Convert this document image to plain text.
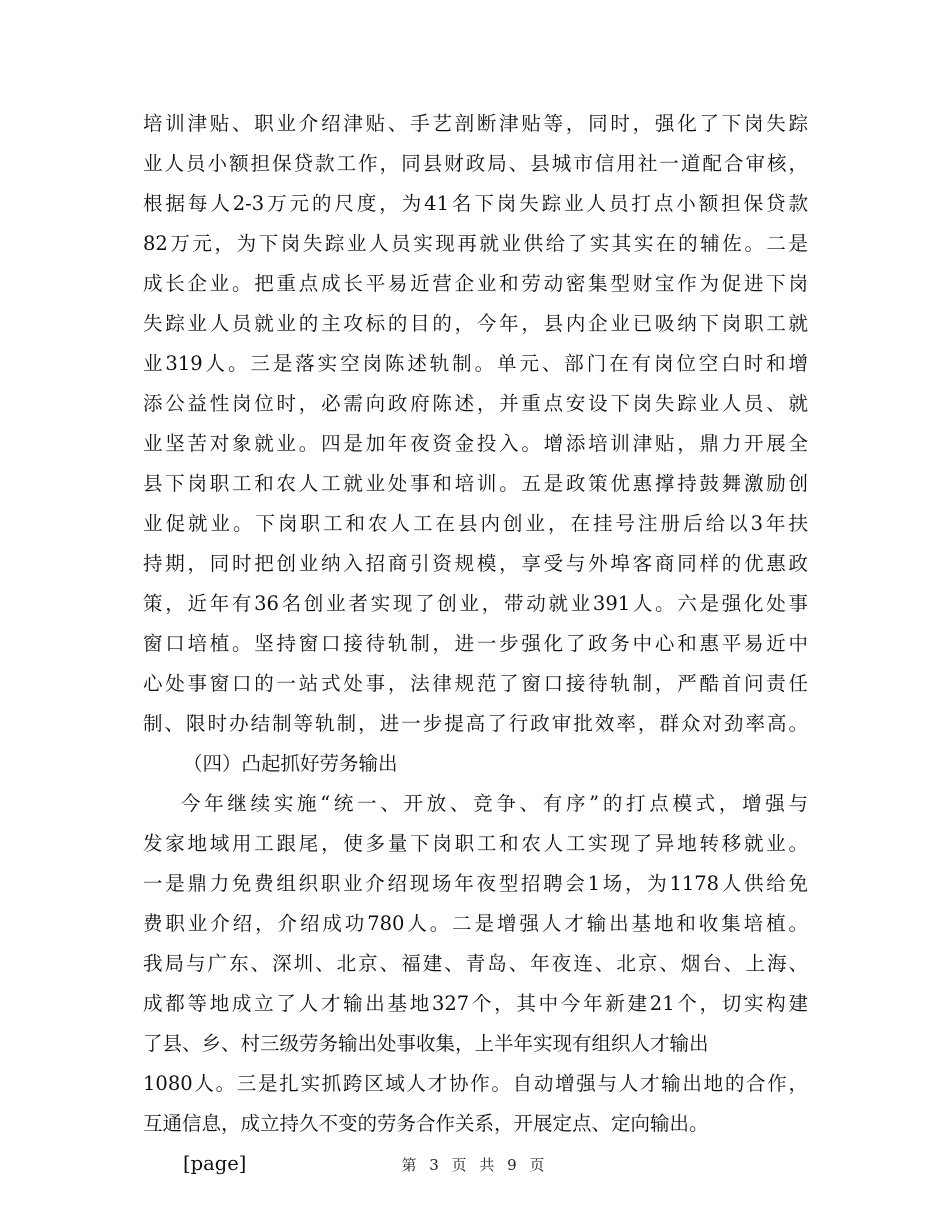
培训津贴、职业介绍津贴、手艺剖断津贴等，同时，强化了下岗失踪
业人员小额担保贷款工作，同县财政局、县城市信用社一道配合审核，
根据每人2-3万元的尺度，为41名下岗失踪业人员打点小额担保贷款
82万元，为下岗失踪业人员实现再就业供给了实其实在的辅佐。二是
成长企业。把重点成长平易近营企业和劳动密集型财宝作为促进下岗
失踪业人员就业的主攻标的目的，今年，县内企业已吸纳下岗职工就
业319人。三是落实空岗陈述轨制。单元、部门在有岗位空白时和增
添公益性岗位时，必需向政府陈述，并重点安设下岗失踪业人员、就
业坚苦对象就业。四是加年夜资金投入。增添培训津贴，鼎力开展全
县下岗职工和农人工就业处事和培训。五是政策优惠撑持鼓舞激励创
业促就业。下岗职工和农人工在县内创业，在挂号注册后给以3年扶
持期，同时把创业纳入招商引资规模，享受与外埠客商同样的优惠政
策，近年有36名创业者实现了创业，带动就业391人。六是强化处事
窗口培植。坚持窗口接待轨制，进一步强化了政务中心和惠平易近中
心处事窗口的一站式处事，法律规范了窗口接待轨制，严酷首问责任
制、限时办结制等轨制，进一步提高了行政审批效率，群众对劲率高。
（四）凸起抓好劳务输出
今年继续实施“统一、开放、竞争、有序”的打点模式，增强与
发家地域用工跟尾，使多量下岗职工和农人工实现了异地转移就业。
一是鼎力免费组织职业介绍现场年夜型招聘会1场，为1178人供给免
费职业介绍，介绍成功780人。二是增强人才输出基地和收集培植。
我局与广东、深圳、北京、福建、青岛、年夜连、北京、烟台、上海、
成都等地成立了人才输出基地327个，其中今年新建21个，切实构建
了县、乡、村三级劳务输出处事收集，上半年实现有组织人才输出
1080人。三是扎实抓跨区域人才协作。自动增强与人才输出地的合作，
互通信息，成立持久不变的劳务合作关系，开展定点、定向输出。
[page]	第 3 页 共 9 页
